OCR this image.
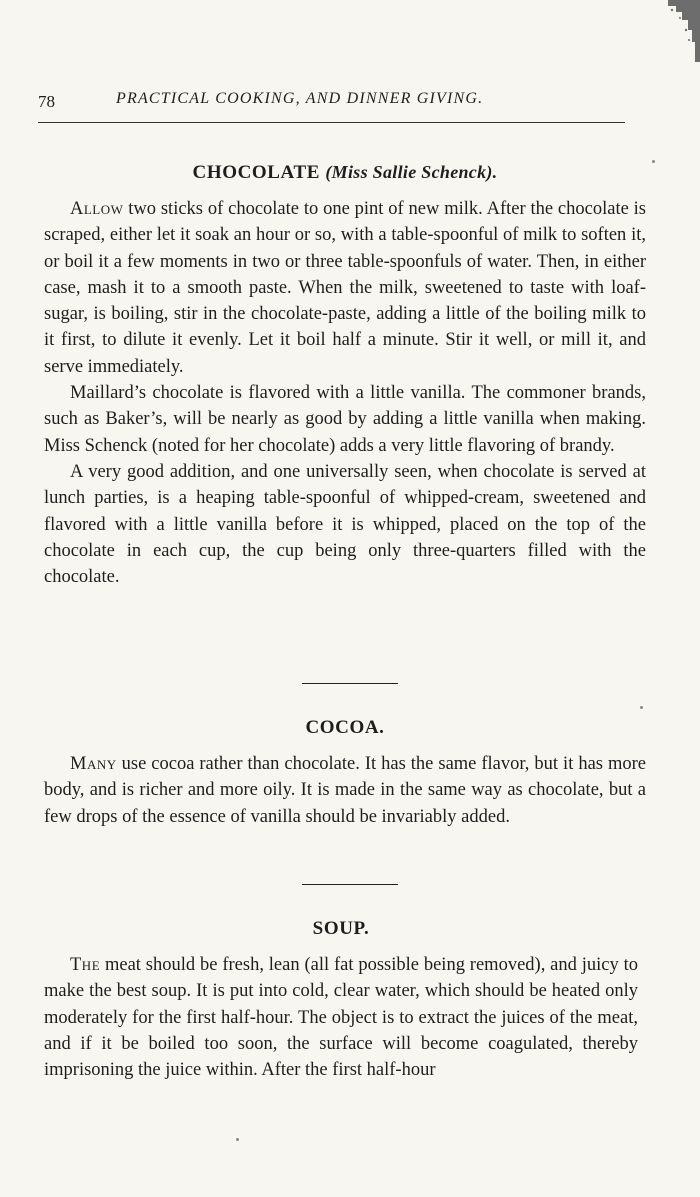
78	PRACTICAL COOKING, AND DINNER GIVING.
CHOCOLATE (Miss Sallie Schenck).

Allow two sticks of chocolate to one pint of new milk. After the chocolate is scraped, either let it soak an hour or so, with a table-spoonful of milk to soften it, or boil it a few moments in two or three table-spoonfuls of water. Then, in either case, mash it to a smooth paste. When the milk, sweetened to taste with loaf-sugar, is boiling, stir in the chocolate-paste, adding a little of the boiling milk to it first, to dilute it evenly. Let it boil half a minute. Stir it well, or mill it, and serve immediately.

Maillard’s chocolate is flavored with a little vanilla. The commoner brands, such as Baker’s, will be nearly as good by adding a little vanilla when making. Miss Schenck (noted for her chocolate) adds a very little flavoring of brandy.

A very good addition, and one universally seen, when chocolate is served at lunch parties, is a heaping table-spoonful of whipped-cream, sweetened and flavored with a little vanilla before it is whipped, placed on the top of the chocolate in each cup, the cup being only three-quarters filled with the chocolate.

COCOA.

Many use cocoa rather than chocolate. It has the same flavor, but it has more body, and is richer and more oily. It is made in the same way as chocolate, but a few drops of the essence of vanilla should be invariably added.

SOUP.

The meat should be fresh, lean (all fat possible being removed), and juicy to make the best soup. It is put into cold, clear water, which should be heated only moderately for the first half-hour. The object is to extract the juices of the meat, and if it be boiled too soon, the surface will become coagulated, thereby imprisoning the juice within. After the first half-hour
